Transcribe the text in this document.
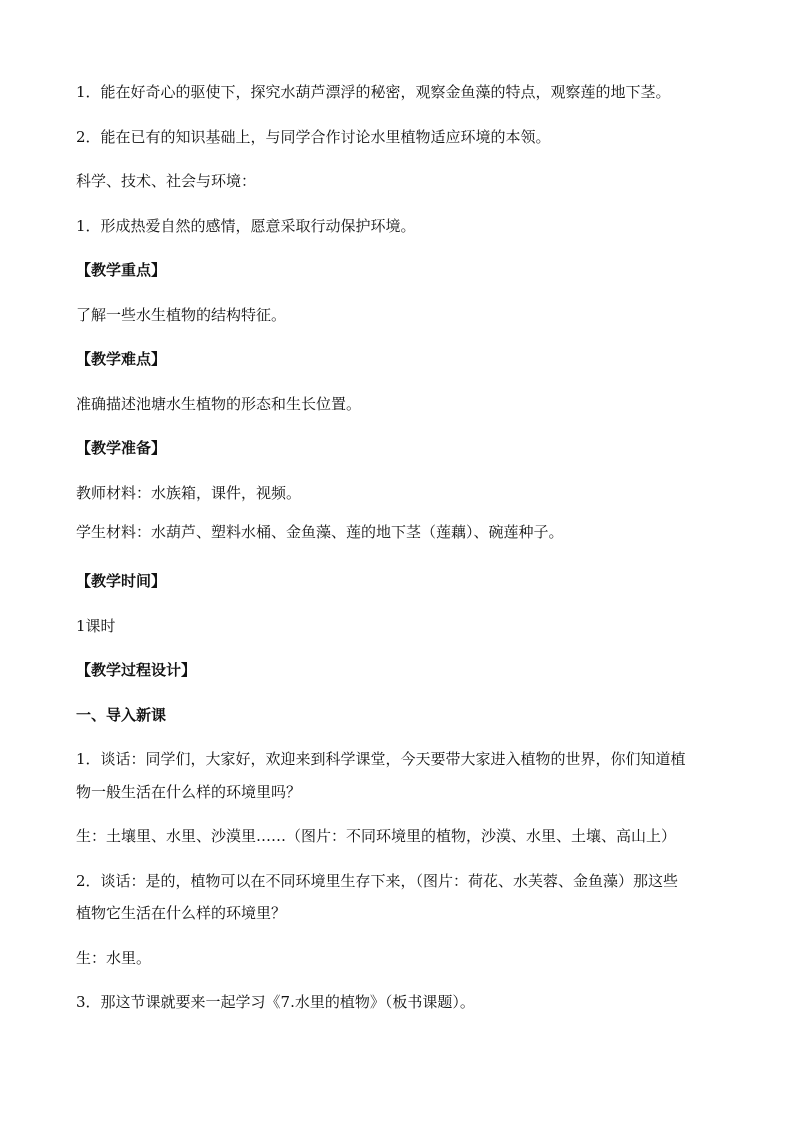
1．能在好奇心的驱使下，探究水葫芦漂浮的秘密，观察金鱼藻的特点，观察莲的地下茎。

2．能在已有的知识基础上，与同学合作讨论水里植物适应环境的本领。

科学、技术、社会与环境：

1．形成热爱自然的感情，愿意采取行动保护环境。

【教学重点】

了解一些水生植物的结构特征。

【教学难点】

准确描述池塘水生植物的形态和生长位置。

【教学准备】

教师材料：水族箱，课件，视频。

学生材料：水葫芦、塑料水桶、金鱼藻、莲的地下茎（莲藕）、碗莲种子。

【教学时间】

1课时

【教学过程设计】

一、导入新课

1．谈话：同学们，大家好，欢迎来到科学课堂，今天要带大家进入植物的世界，你们知道植

物一般生活在什么样的环境里吗？

生：土壤里、水里、沙漠里……（图片：不同环境里的植物，沙漠、水里、土壤、高山上）

2．谈话：是的，植物可以在不同环境里生存下来，（图片：荷花、水芙蓉、金鱼藻）那这些

植物它生活在什么样的环境里？

生：水里。

3．那这节课就要来一起学习《7.水里的植物》（板书课题）。
